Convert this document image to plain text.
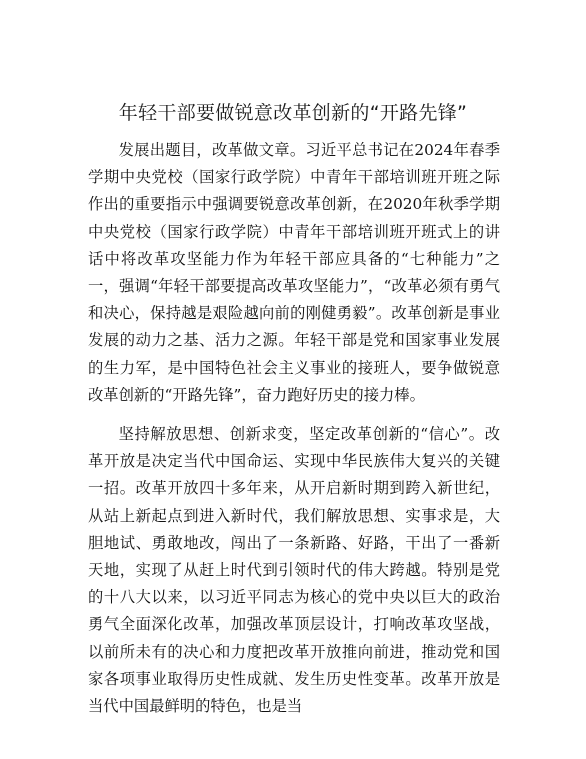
年轻干部要做锐意改革创新的“开路先锋”

发展出题目，改革做文章。习近平总书记在2024年春季学期中央党校（国家行政学院）中青年干部培训班开班之际作出的重要指示中强调要锐意改革创新，在2020年秋季学期中央党校（国家行政学院）中青年干部培训班开班式上的讲话中将改革攻坚能力作为年轻干部应具备的“七种能力”之一，强调“年轻干部要提高改革攻坚能力”，“改革必须有勇气和决心，保持越是艰险越向前的刚健勇毅”。改革创新是事业发展的动力之基、活力之源。年轻干部是党和国家事业发展的生力军，是中国特色社会主义事业的接班人，要争做锐意改革创新的“开路先锋”，奋力跑好历史的接力棒。

坚持解放思想、创新求变，坚定改革创新的“信心”。改革开放是决定当代中国命运、实现中华民族伟大复兴的关键一招。改革开放四十多年来，从开启新时期到跨入新世纪，从站上新起点到进入新时代，我们解放思想、实事求是，大胆地试、勇敢地改，闯出了一条新路、好路，干出了一番新天地，实现了从赶上时代到引领时代的伟大跨越。特别是党的十八大以来，以习近平同志为核心的党中央以巨大的政治勇气全面深化改革，加强改革顶层设计，打响改革攻坚战，以前所未有的决心和力度把改革开放推向前进，推动党和国家各项事业取得历史性成就、发生历史性变革。改革开放是当代中国最鲜明的特色，也是当
